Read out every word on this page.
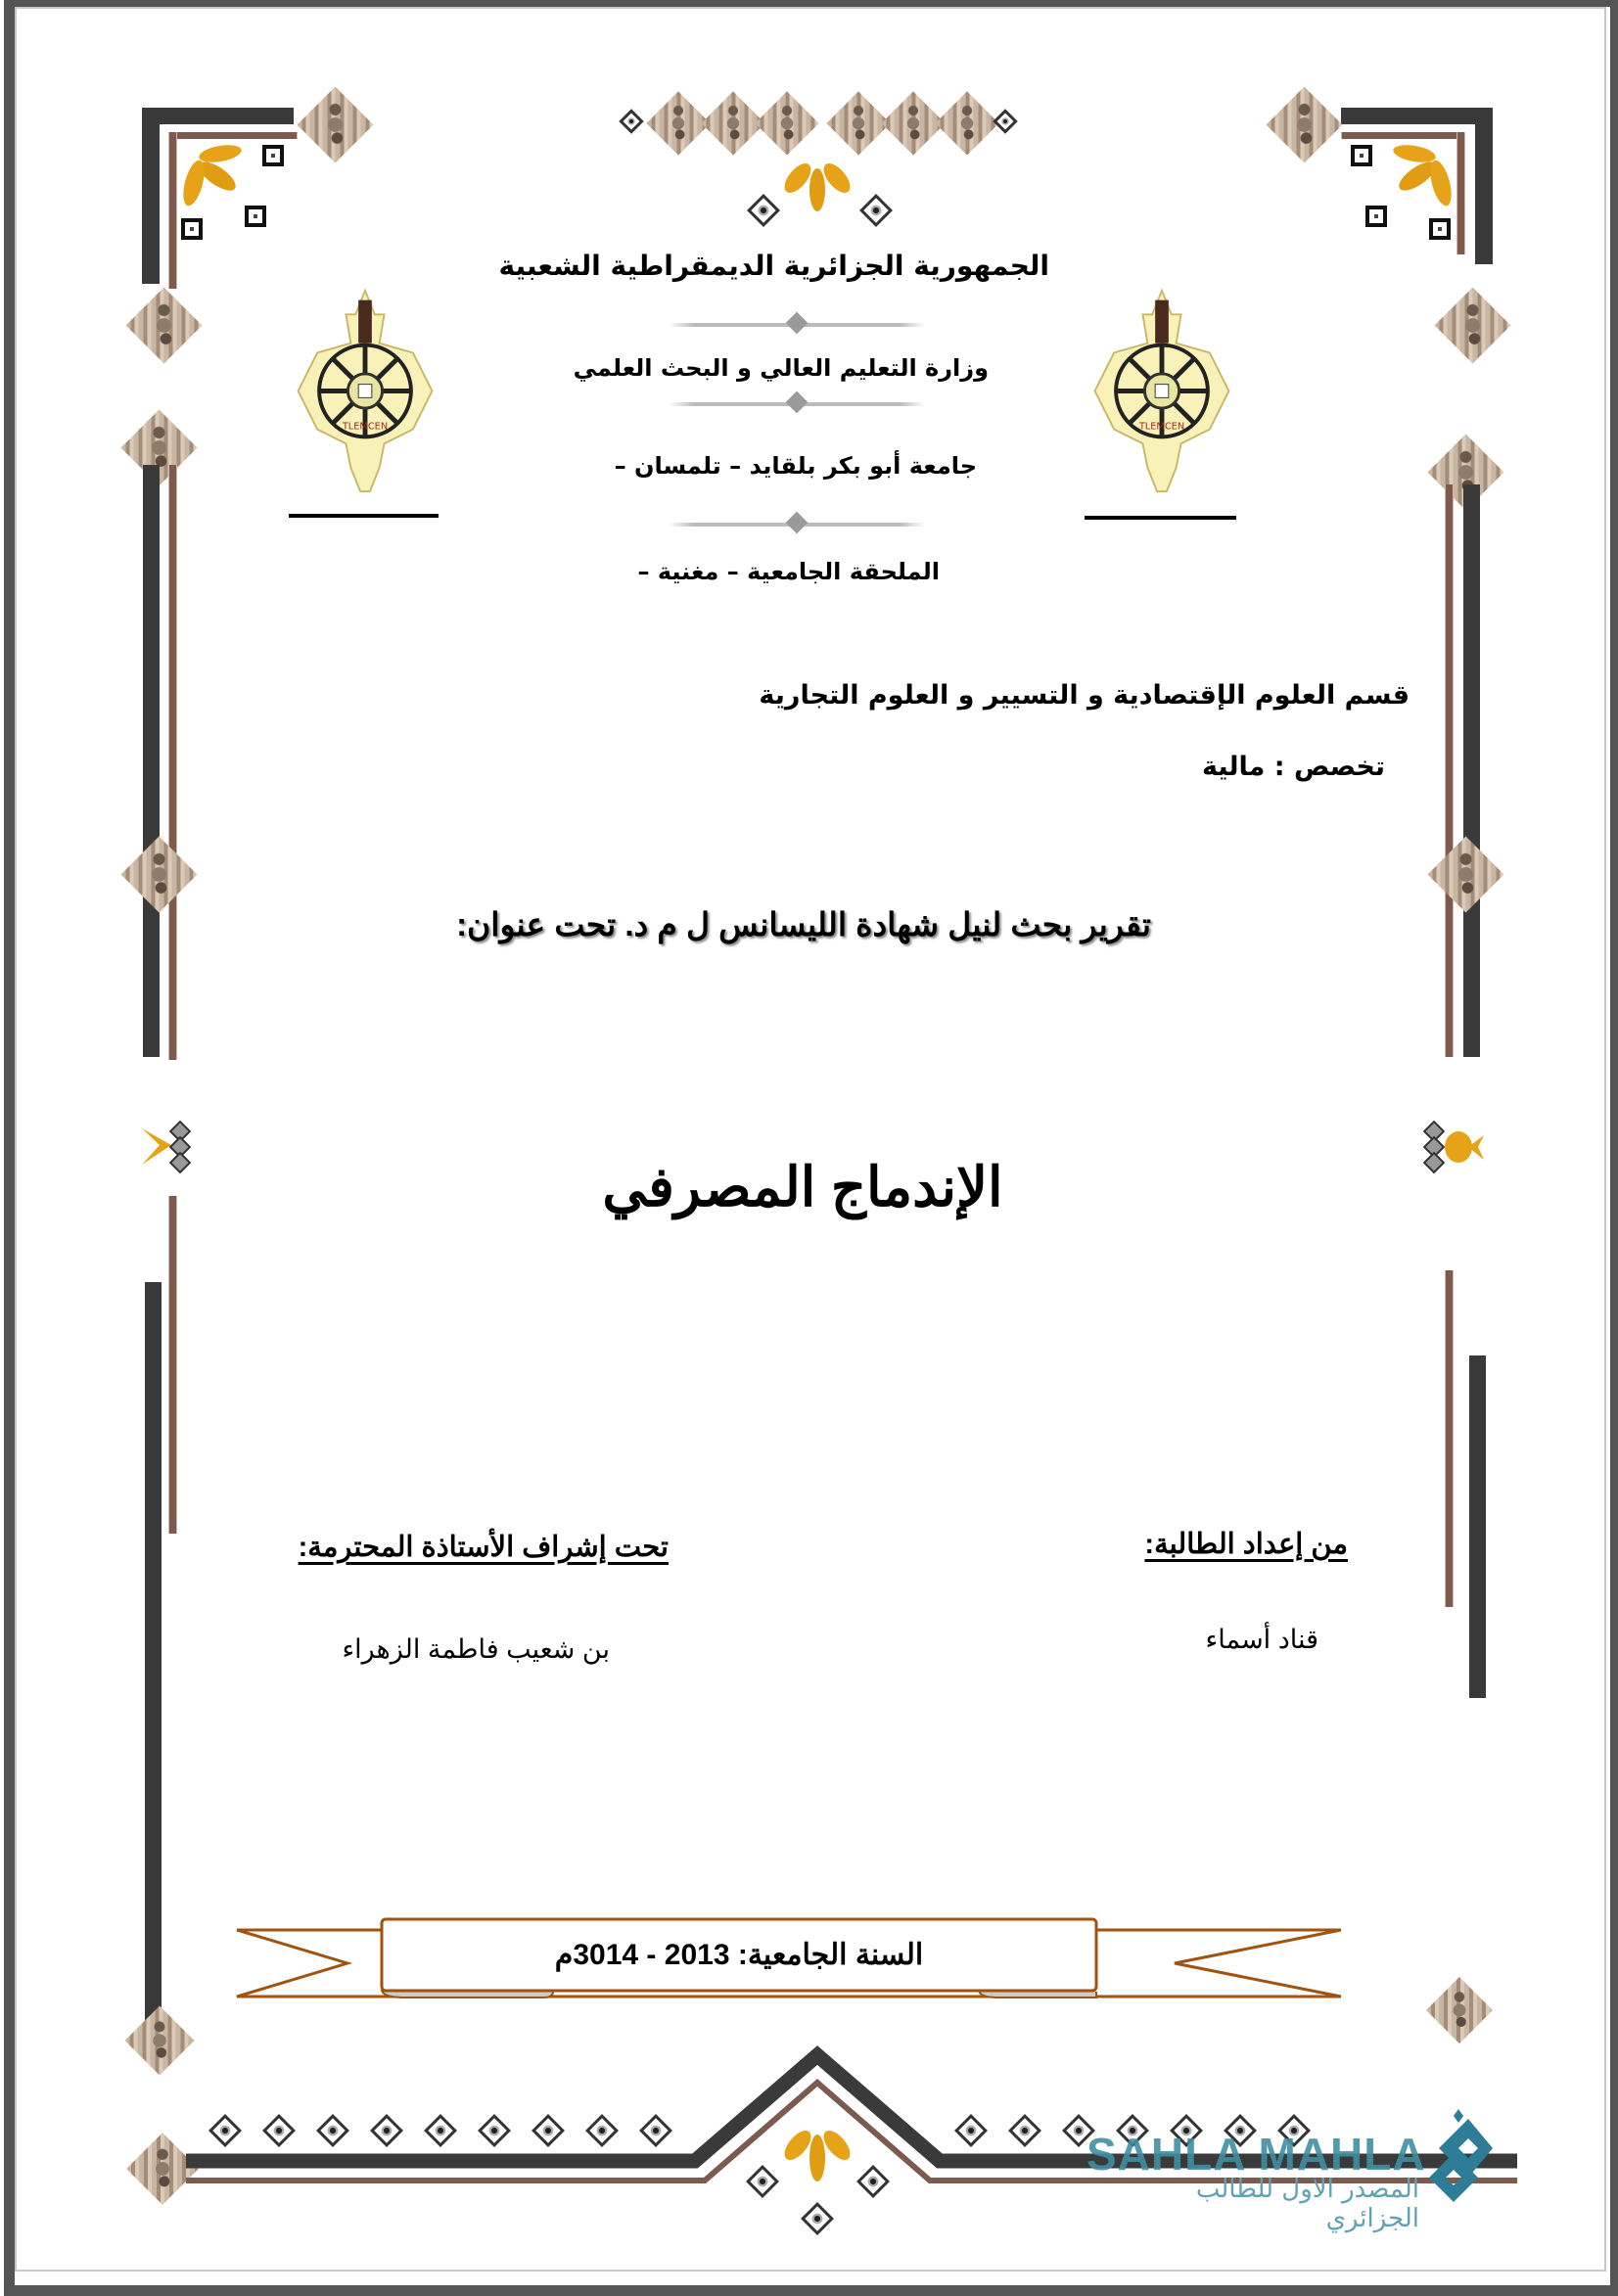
TLEMCEN	TLEMCEN
الجمهورية الجزائرية الديمقراطية الشعبية
وزارة التعليم العالي و البحث العلمي
جامعة أبو بكر بلقايد – تلمسان –
الملحقة الجامعية – مغنية –
قسم العلوم الإقتصادية و التسيير و العلوم التجارية
تخصص : مالية
تقرير بحث لنيل شهادة الليسانس ل م د. تحت عنوان:
الإندماج المصرفي
من إعداد الطالبة:
قناد أسماء
تحت إشراف الأستاذة المحترمة:
بن شعيب فاطمة الزهراء
السنة الجامعية: 2013 - 3014م
SAHLA MAHLA
المصدر الاول للطالب الجزائري
